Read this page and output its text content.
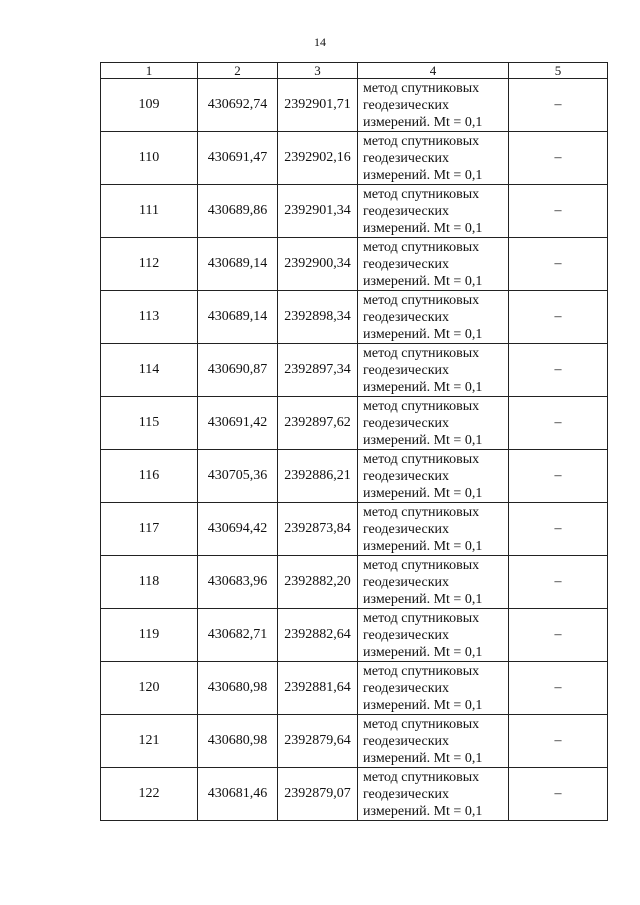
14
1	2	3	4	5
109	430692,74	2392901,71	метод спутниковых
геодезических
измерений. Mt = 0,1	–
110	430691,47	2392902,16	метод спутниковых
геодезических
измерений. Mt = 0,1	–
111	430689,86	2392901,34	метод спутниковых
геодезических
измерений. Mt = 0,1	–
112	430689,14	2392900,34	метод спутниковых
геодезических
измерений. Mt = 0,1	–
113	430689,14	2392898,34	метод спутниковых
геодезических
измерений. Mt = 0,1	–
114	430690,87	2392897,34	метод спутниковых
геодезических
измерений. Mt = 0,1	–
115	430691,42	2392897,62	метод спутниковых
геодезических
измерений. Mt = 0,1	–
116	430705,36	2392886,21	метод спутниковых
геодезических
измерений. Mt = 0,1	–
117	430694,42	2392873,84	метод спутниковых
геодезических
измерений. Mt = 0,1	–
118	430683,96	2392882,20	метод спутниковых
геодезических
измерений. Mt = 0,1	–
119	430682,71	2392882,64	метод спутниковых
геодезических
измерений. Mt = 0,1	–
120	430680,98	2392881,64	метод спутниковых
геодезических
измерений. Mt = 0,1	–
121	430680,98	2392879,64	метод спутниковых
геодезических
измерений. Mt = 0,1	–
122	430681,46	2392879,07	метод спутниковых
геодезических
измерений. Mt = 0,1	–
